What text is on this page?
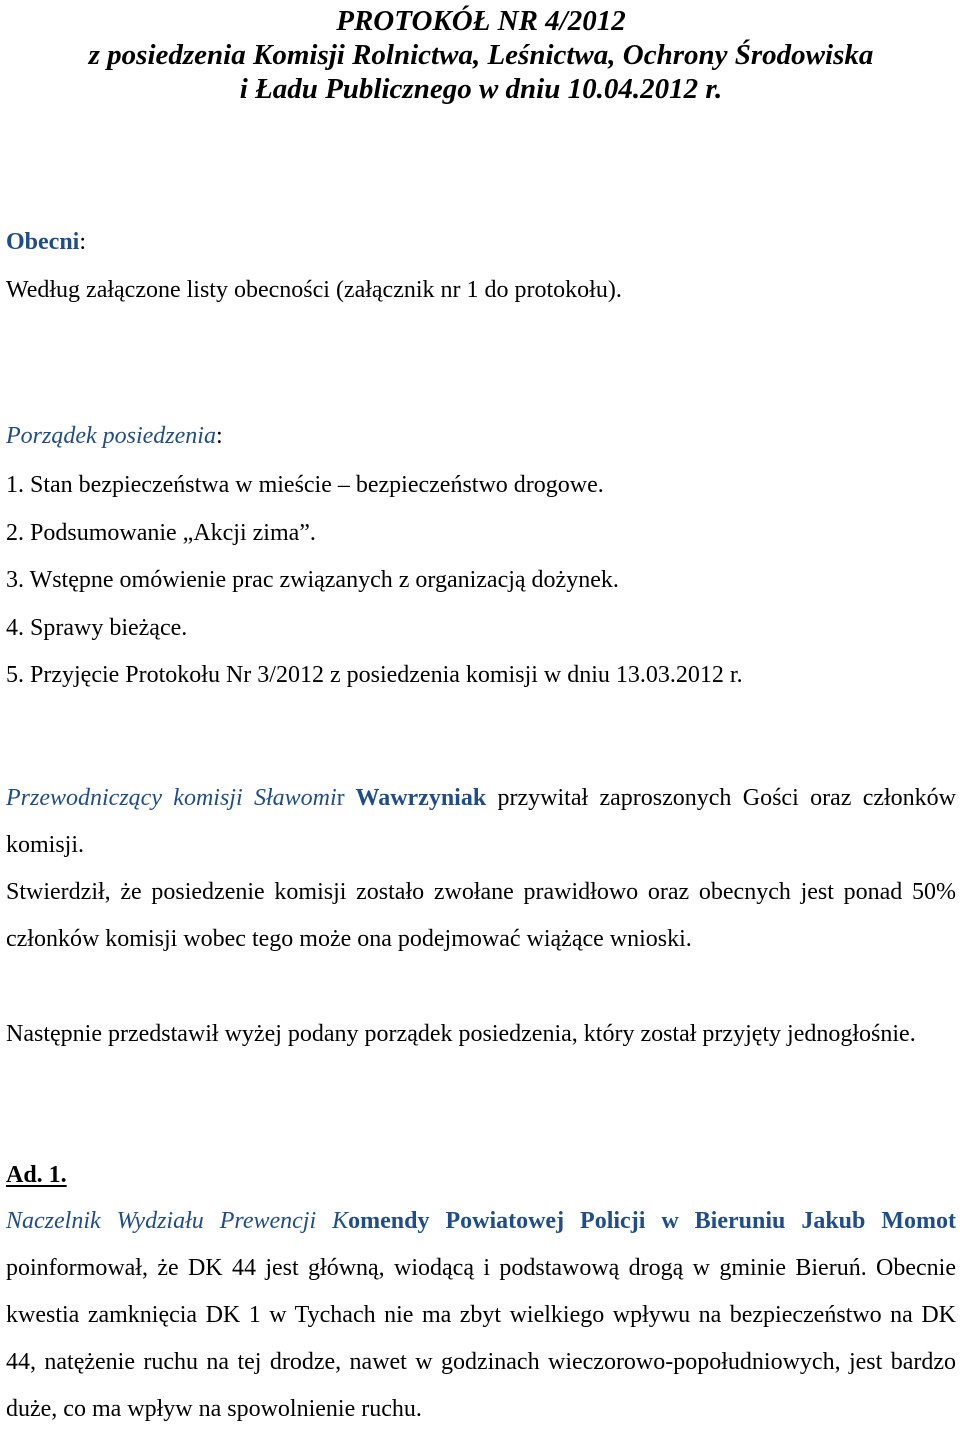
PROTOKÓŁ NR 4/2012
z posiedzenia Komisji Rolnictwa, Leśnictwa, Ochrony Środowiska
i Ładu Publicznego w dniu 10.04.2012 r.
Obecni:
Według załączone listy obecności (załącznik nr 1 do protokołu).
Porządek posiedzenia:
1. Stan bezpieczeństwa w mieście – bezpieczeństwo drogowe.
2. Podsumowanie „Akcji zima”.
3. Wstępne omówienie prac związanych z organizacją dożynek.
4. Sprawy bieżące.
5. Przyjęcie Protokołu Nr 3/2012 z posiedzenia komisji w dniu 13.03.2012 r.

Przewodniczący komisji Sławomir Wawrzyniak przywitał zaproszonych Gości oraz członków komisji.

Stwierdził, że posiedzenie komisji zostało zwołane prawidłowo oraz obecnych jest ponad 50% członków komisji wobec tego może ona podejmować wiążące wnioski.

Następnie przedstawił wyżej podany porządek posiedzenia, który został przyjęty jednogłośnie.

Ad. 1.

Naczelnik Wydziału Prewencji Komendy Powiatowej Policji w Bieruniu Jakub Momot poinformował, że DK 44 jest główną, wiodącą i podstawową drogą w gminie Bieruń. Obecnie kwestia zamknięcia DK 1 w Tychach nie ma zbyt wielkiego wpływu na bezpieczeństwo na DK 44, natężenie ruchu na tej drodze, nawet w godzinach wieczorowo-popołudniowych, jest bardzo duże, co ma wpływ na spowolnienie ruchu.
